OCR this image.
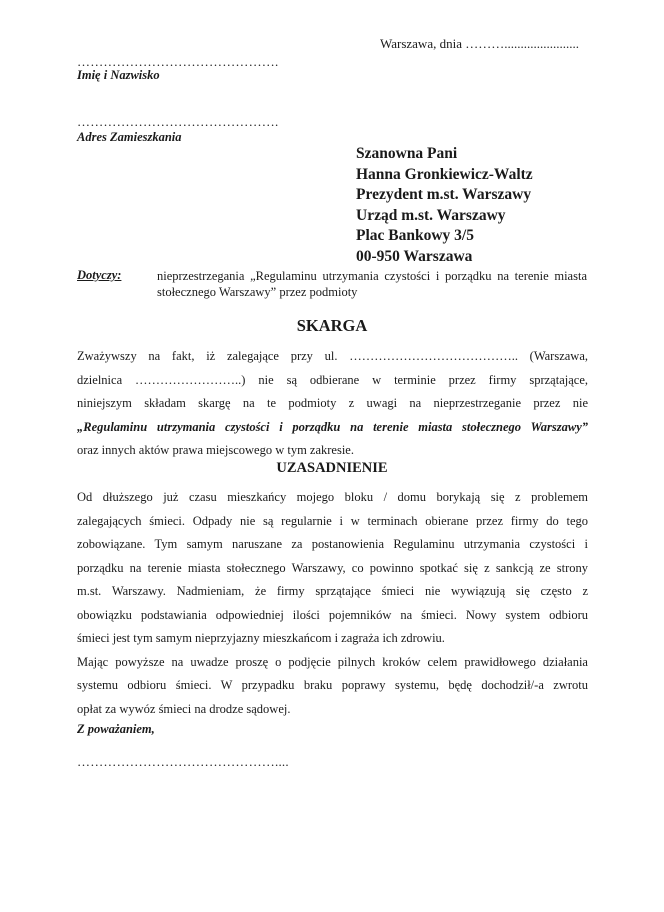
Warszawa, dnia ……….......................
……………………………………….
Imię i Nazwisko
……………………………………….
Adres Zamieszkania
Szanowna Pani
Hanna Gronkiewicz-Waltz
Prezydent m.st. Warszawy
Urząd m.st. Warszawy
Plac Bankowy 3/5
00-950 Warszawa
Dotyczy:	nieprzestrzegania „Regulaminu utrzymania czystości i porządku na terenie miasta stołecznego Warszawy” przez podmioty
SKARGA
Zważywszy na fakt, iż zalegające przy ul. ………………………………….. (Warszawa,
dzielnica ……………………..) nie są odbierane w terminie przez firmy sprzątające,
niniejszym składam skargę na te podmioty z uwagi na nieprzestrzeganie przez nie
„Regulaminu utrzymania czystości i porządku na terenie miasta stołecznego Warszawy”
oraz innych aktów prawa miejscowego w tym zakresie.
UZASADNIENIE
Od dłuższego już czasu mieszkańcy mojego bloku / domu borykają się z problemem
zalegających śmieci. Odpady nie są regularnie i w terminach obierane przez firmy do tego
zobowiązane. Tym samym naruszane za postanowienia Regulaminu utrzymania czystości i
porządku na terenie miasta stołecznego Warszawy, co powinno spotkać się z sankcją ze strony
m.st. Warszawy. Nadmieniam, że firmy sprzątające śmieci nie wywiązują się często z
obowiązku podstawiania odpowiedniej ilości pojemników na śmieci. Nowy system odbioru
śmieci jest tym samym nieprzyjazny mieszkańcom i zagraża ich zdrowiu.
Mając powyższe na uwadze proszę o podjęcie pilnych kroków celem prawidłowego działania
systemu odbioru śmieci. W przypadku braku poprawy systemu, będę dochodził/-a zwrotu
opłat za wywóz śmieci na drodze sądowej.
Z poważaniem,
………………………………………....
